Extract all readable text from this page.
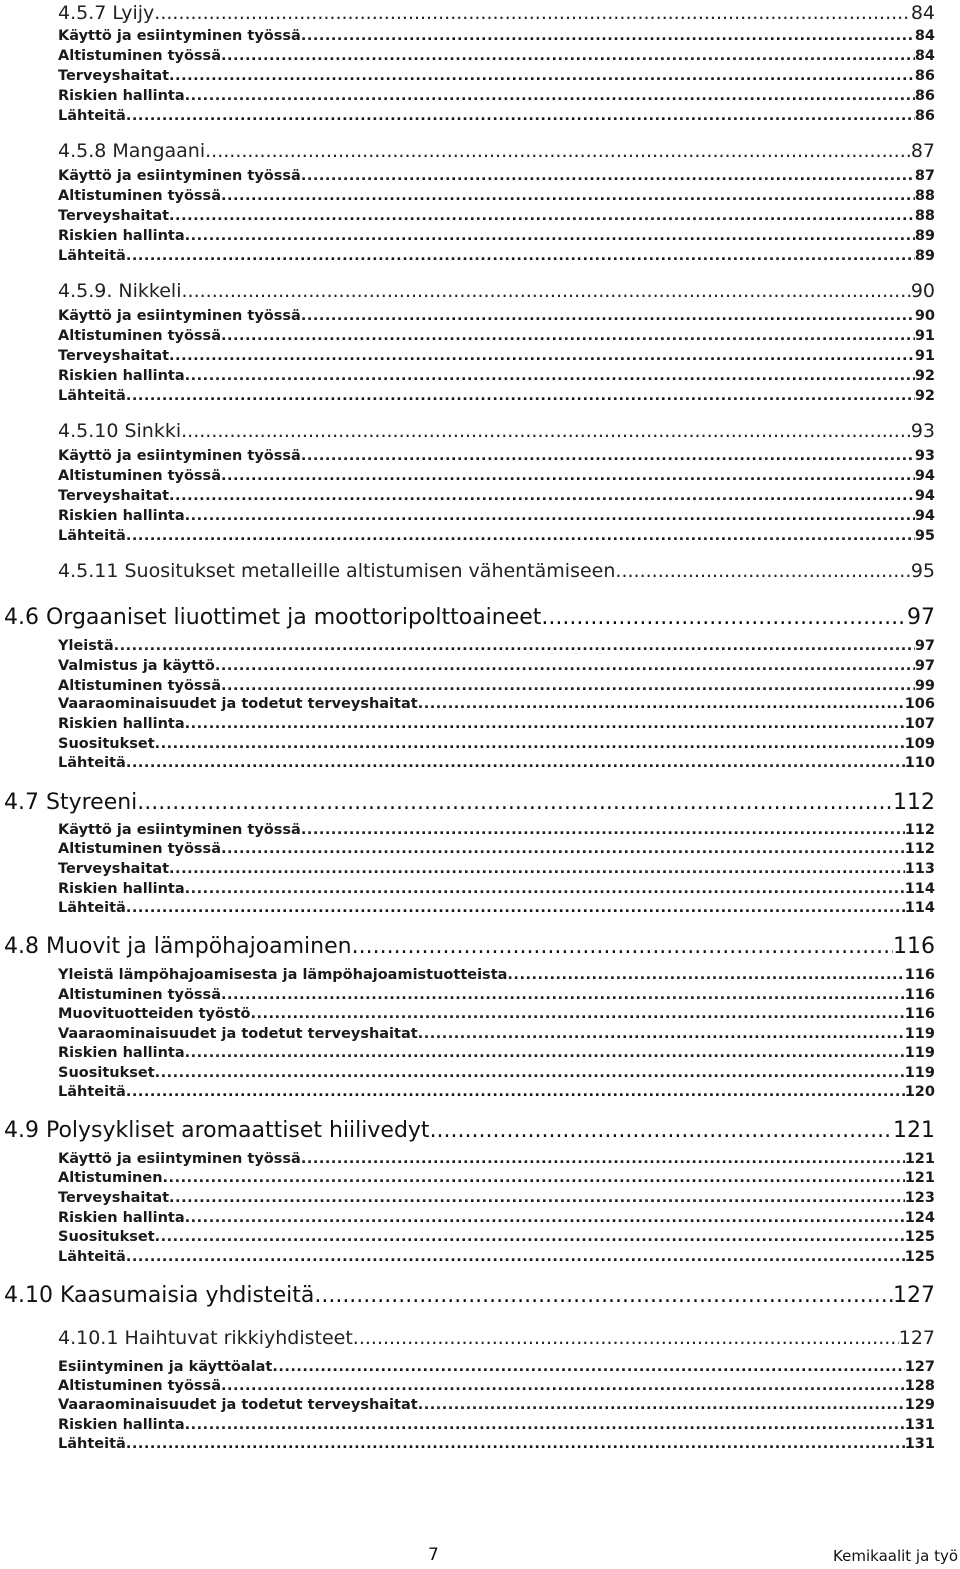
4.5.7 Lyijy .....	84
Käyttö ja esiintyminen työssä .....	84
Altistuminen työssä .....	84
Terveyshaitat .....	86
Riskien hallinta .....	86
Lähteitä .....	86
4.5.8 Mangaani .....	87
Käyttö ja esiintyminen työssä .....	87
Altistuminen työssä .....	88
Terveyshaitat .....	88
Riskien hallinta .....	89
Lähteitä .....	89
4.5.9. Nikkeli .....	90
Käyttö ja esiintyminen työssä .....	90
Altistuminen työssä .....	91
Terveyshaitat .....	91
Riskien hallinta .....	92
Lähteitä .....	92
4.5.10 Sinkki .....	93
Käyttö ja esiintyminen työssä .....	93
Altistuminen työssä .....	94
Terveyshaitat .....	94
Riskien hallinta .....	94
Lähteitä .....	95
4.5.11 Suositukset metalleille altistumisen vähentämiseen .....	95
4.6 Orgaaniset liuottimet ja moottoripolttoaineet .....	97
Yleistä .....	97
Valmistus ja käyttö .....	97
Altistuminen työssä .....	99
Vaaraominaisuudet ja todetut terveyshaitat .....	106
Riskien hallinta .....	107
Suositukset .....	109
Lähteitä .....	110
4.7 Styreeni .....	112
Käyttö ja esiintyminen työssä .....	112
Altistuminen työssä .....	112
Terveyshaitat .....	113
Riskien hallinta .....	114
Lähteitä .....	114
4.8 Muovit ja lämpöhajoaminen .....	116
Yleistä lämpöhajoamisesta ja lämpöhajoamistuotteista .....	116
Altistuminen työssä .....	116
Muovituotteiden työstö .....	116
Vaaraominaisuudet ja todetut terveyshaitat .....	119
Riskien hallinta .....	119
Suositukset .....	119
Lähteitä .....	120
4.9 Polysykliset aromaattiset hiilivedyt .....	121
Käyttö ja esiintyminen työssä .....	121
Altistuminen .....	121
Terveyshaitat .....	123
Riskien hallinta .....	124
Suositukset .....	125
Lähteitä .....	125
4.10 Kaasumaisia yhdisteitä .....	127
4.10.1 Haihtuvat rikkiyhdisteet .....	127
Esiintyminen ja käyttöalat .....	127
Altistuminen työssä .....	128
Vaaraominaisuudet ja todetut terveyshaitat .....	129
Riskien hallinta .....	131
Lähteitä .....	131
7	Kemikaalit ja työ
